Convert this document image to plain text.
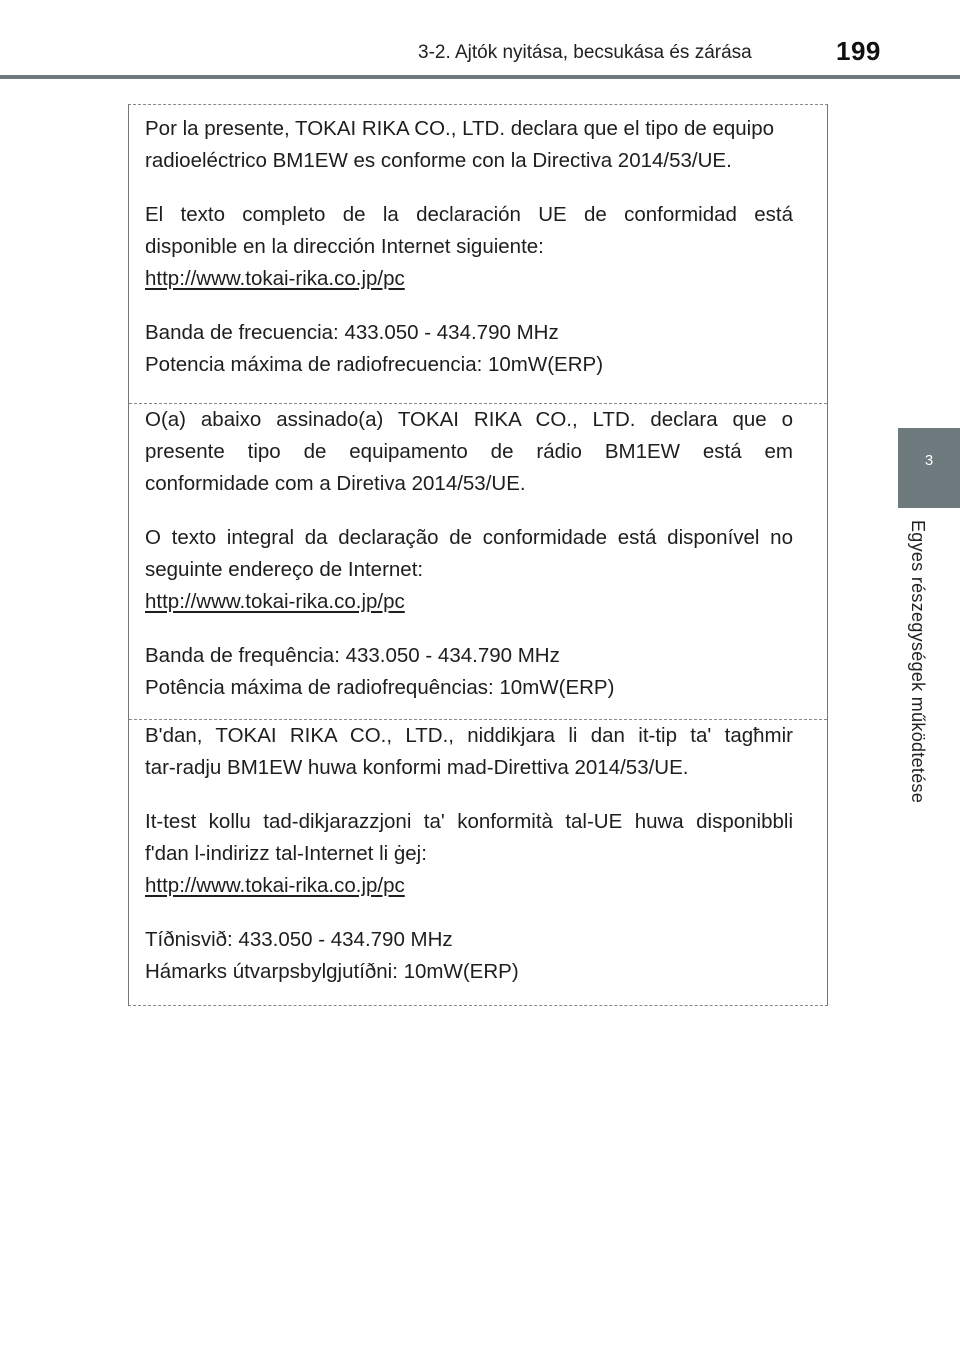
3-2. Ajtók nyitása, becsukása és zárása	199
3
Egyes részegységek működtetése

Por la presente, TOKAI RIKA CO., LTD. declara que el tipo de equipo

radioeléctrico BM1EW es conforme con la Directiva 2014/53/UE.

El texto completo de la declaración UE de conformidad está

disponible en la dirección Internet siguiente:

http://www.tokai-rika.co.jp/pc

Banda de frecuencia: 433.050 - 434.790 MHz

Potencia máxima de radiofrecuencia: 10mW(ERP)

O(a) abaixo assinado(a) TOKAI RIKA CO., LTD. declara que o

presente tipo de equipamento de rádio BM1EW está em

conformidade com a Diretiva 2014/53/UE.

O texto integral da declaração de conformidade está disponível no

seguinte endereço de Internet:

http://www.tokai-rika.co.jp/pc

Banda de frequência: 433.050 - 434.790 MHz

Potência máxima de radiofrequências: 10mW(ERP)

B'dan, TOKAI RIKA CO., LTD., niddikjara li dan it-tip ta' tagħmir

tar-radju BM1EW huwa konformi mad-Direttiva 2014/53/UE.

It-test kollu tad-dikjarazzjoni ta' konformità tal-UE huwa disponibbli

f'dan l-indirizz tal-Internet li ġej:

http://www.tokai-rika.co.jp/pc

Tíðnisvið: 433.050 - 434.790 MHz

Hámarks útvarpsbylgjutíðni: 10mW(ERP)
